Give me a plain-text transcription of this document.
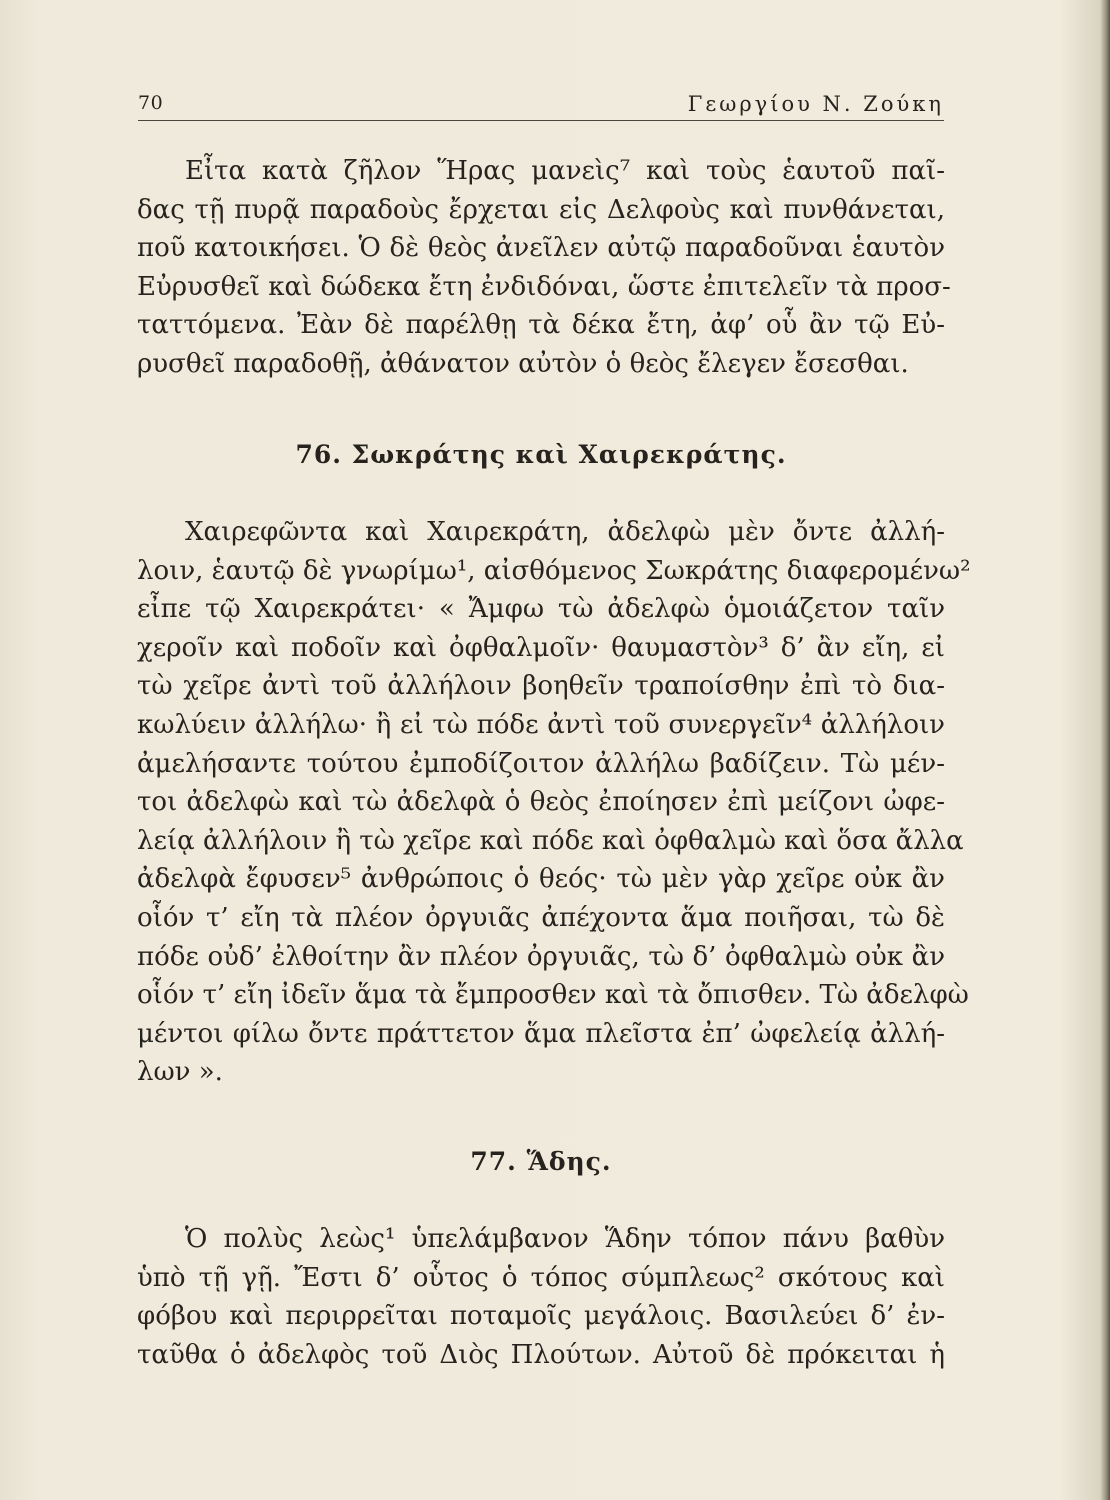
70	Γεωργίου Ν. Ζούκη

Εἶτα κατὰ ζῆλον Ἥρας μανεὶς⁷ καὶ τοὺς ἑαυτοῦ παῖ-
δας τῇ πυρᾷ παραδοὺς ἔρχεται εἰς Δελφοὺς καὶ πυνθάνεται,
ποῦ κατοικήσει. Ὁ δὲ θεὸς ἀνεῖλεν αὐτῷ παραδοῦναι ἑαυτὸν
Εὐρυσθεῖ καὶ δώδεκα ἔτη ἐνδιδόναι, ὥστε ἐπιτελεῖν τὰ προσ-
ταττόμενα. Ἐὰν δὲ παρέλθῃ τὰ δέκα ἔτη, ἀφ’ οὗ ἂν τῷ Εὐ-
ρυσθεῖ παραδοθῇ, ἀθάνατον αὐτὸν ὁ θεὸς ἔλεγεν ἔσεσθαι.

76. Σωκράτης καὶ Χαιρεκράτης.

Χαιρεφῶντα καὶ Χαιρεκράτη, ἀδελφὼ μὲν ὄντε ἀλλή-
λοιν, ἑαυτῷ δὲ γνωρίμω¹, αἰσθόμενος Σωκράτης διαφερομένω²
εἶπε τῷ Χαιρεκράτει· « Ἄμφω τὼ ἀδελφὼ ὁμοιάζετον ταῖν
χεροῖν καὶ ποδοῖν καὶ ὀφθαλμοῖν· θαυμαστὸν³ δ’ ἂν εἴη, εἰ
τὼ χεῖρε ἀντὶ τοῦ ἀλλήλοιν βοηθεῖν τραποίσθην ἐπὶ τὸ δια-
κωλύειν ἀλλήλω· ἢ εἰ τὼ πόδε ἀντὶ τοῦ συνεργεῖν⁴ ἀλλήλοιν
ἀμελήσαντε τούτου ἐμποδίζοιτον ἀλλήλω βαδίζειν. Τὼ μέν-
τοι ἀδελφὼ καὶ τὼ ἀδελφὰ ὁ θεὸς ἐποίησεν ἐπὶ μείζονι ὠφε-
λείᾳ ἀλλήλοιν ἢ τὼ χεῖρε καὶ πόδε καὶ ὀφθαλμὼ καὶ ὅσα ἄλλα
ἀδελφὰ ἔφυσεν⁵ ἀνθρώποις ὁ θεός· τὼ μὲν γὰρ χεῖρε οὐκ ἂν
οἷόν τ’ εἴη τὰ πλέον ὀργυιᾶς ἀπέχοντα ἅμα ποιῆσαι, τὼ δὲ
πόδε οὐδ’ ἐλθοίτην ἂν πλέον ὀργυιᾶς, τὼ δ’ ὀφθαλμὼ οὐκ ἂν
οἷόν τ’ εἴη ἰδεῖν ἅμα τὰ ἔμπροσθεν καὶ τὰ ὄπισθεν. Τὼ ἀδελφὼ
μέντοι φίλω ὄντε πράττετον ἅμα πλεῖστα ἐπ’ ὠφελείᾳ ἀλλή-
λων ».

77. Ἅδης.

Ὁ πολὺς λεὼς¹ ὑπελάμβανον Ἅδην τόπον πάνυ βαθὺν
ὑπὸ τῇ γῇ. Ἔστι δ’ οὗτος ὁ τόπος σύμπλεως² σκότους καὶ
φόβου καὶ περιρρεῖται ποταμοῖς μεγάλοις. Βασιλεύει δ’ ἐν-
ταῦθα ὁ ἀδελφὸς τοῦ Διὸς Πλούτων. Αὐτοῦ δὲ πρόκειται ἡ
